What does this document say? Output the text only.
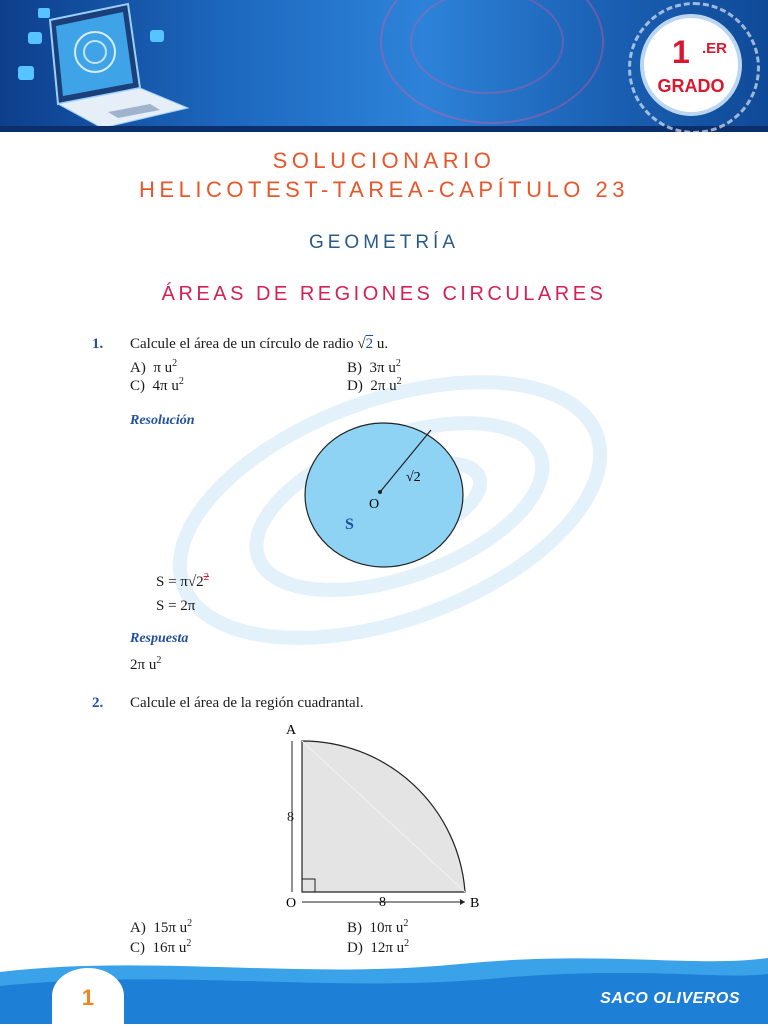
1 .ER
GRADO
SOLUCIONARIO
HELICOTEST-TAREA-CAPÍTULO 23
GEOMETRÍA
ÁREAS DE REGIONES CIRCULARES
1. Calcule el área de un círculo de radio √2 u.
A) π $u^2$	B) 3π $u^2$
C) 4π $u^2$	D) 2π $u^2$
Resolución
O
√2
S
$S = \pi√2^2$
S = 2π
Respuesta
2π $u^2$
2. Calcule el área de la región cuadrantal.
A
O	B
8
8
A) 15π $u^2$	B) 10π $u^2$
C) 16π $u^2$	D) 12π $u^2$
1	SACO OLIVEROS
